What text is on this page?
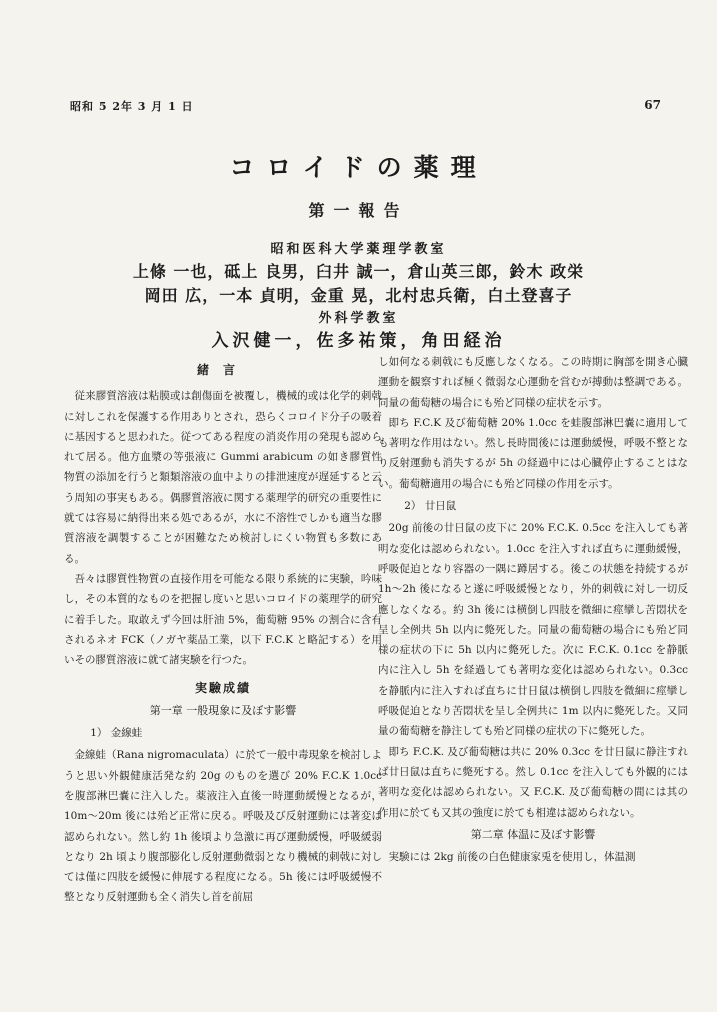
昭和 5 2年 3 月 1 日	67
コロイドの薬理
第一報告
昭和医科大学薬理学教室
上條 一也，砥上 良男，臼井 誠一，倉山英三郎，鈴木 政栄
岡田 広，一本 貞明，金重 晃，北村忠兵衛，白土登喜子
外科学教室
入沢健一，佐多祐策，角田経治
緒言

従来膠質溶液は粘膜或は創傷面を被覆し，機械的或は化学的刺戟に対しこれを保護する作用ありとされ，恐らくコロイド分子の吸着に基因すると思われた。従つてある程度の消炎作用の発現も認められて居る。他方血漿の等張液に Gummi arabicum の如き膠質性物質の添加を行うと類類溶液の血中よりの排泄速度が遅延すると云う周知の事実もある。偶膠質溶液に関する薬理学的研究の重要性に就ては容易に納得出来る処であるが，水に不溶性でしかも適当な膠質溶液を調製することが困難なため検討しにくい物質も多数にある。

吾々は膠質性物質の直接作用を可能なる限り系統的に実験，吟味し，その本質的なものを把握し度いと思いコロイドの薬理学的研究に着手した。取敢えず今回は肝油 5%，葡萄糖 95% の割合に含有されるネオ FCK（ノガヤ薬品工業，以下 F.C.K と略記する）を用いその膠質溶液に就て諸実験を行つた。

実驗成績
第一章 一般現象に及ぼす影響
1） 金線蛙

金線蛙（Rana nigromaculata）に於て一般中毒現象を検討しようと思い外観健康活発な約 20g のものを選び 20% F.C.K 1.0cc を腹部淋巴嚢に注入した。薬液注入直後一時運動緩慢となるが，10m〜20m 後には殆ど正常に戻る。呼吸及び反射運動には著変は認められない。然し約 1h 後頃より急激に再び運動緩慢，呼吸緩弱となり 2h 頃より腹部膨化し反射運動微弱となり機械的刺戟に対しては僅に四肢を緩慢に伸展する程度になる。5h 後には呼吸緩慢不整となり反射運動も全く消失し首を前屈

し如何なる刺戟にも反應しなくなる。この時期に胸部を開き心臓運動を観察すれば極く微弱な心運動を営むが搏動は整調である。同量の葡萄糖の場合にも殆ど同様の症状を示す。

即ち F.C.K 及び葡萄糖 20% 1.0cc を蛙腹部淋巴嚢に適用しても著明な作用はない。然し長時間後には運動緩慢，呼吸不整となり反射運動も消失するが 5h の経過中には心臓停止することはない。葡萄糖適用の場合にも殆ど同様の作用を示す。

2） 廿日鼠

20g 前後の廿日鼠の皮下に 20% F.C.K. 0.5cc を注入しても著明な変化は認められない。1.0cc を注入すれば直ちに運動緩慢，呼吸促迫となり容器の一隅に蹲居する。後この状態を持続するが 1h〜2h 後になると遂に呼吸緩慢となり，外的刺戟に対し一切反應しなくなる。約 3h 後には横倒し四肢を微細に痙攣し苦悶状を呈し全例共 5h 以内に斃死した。同量の葡萄糖の場合にも殆ど同様の症状の下に 5h 以内に斃死した。次に F.C.K. 0.1cc を静脈内に注入し 5h を経過しても著明な変化は認められない。0.3cc を静脈内に注入すれば直ちに廿日鼠は横倒し四肢を微細に痙攣し呼吸促迫となり苦悶状を呈し全例共に 1m 以内に斃死した。又同量の葡萄糖を静注しても殆ど同様の症状の下に斃死した。

即ち F.C.K. 及び葡萄糖は共に 20% 0.3cc を廿日鼠に静注すれば廿日鼠は直ちに斃死する。然し 0.1cc を注入しても外観的には著明な変化は認められない。又 F.C.K. 及び葡萄糖の間には其の作用に於ても又其の強度に於ても相違は認められない。

第二章 体温に及ぼす影響

実験には 2kg 前後の白色健康家兎を使用し，体温測
